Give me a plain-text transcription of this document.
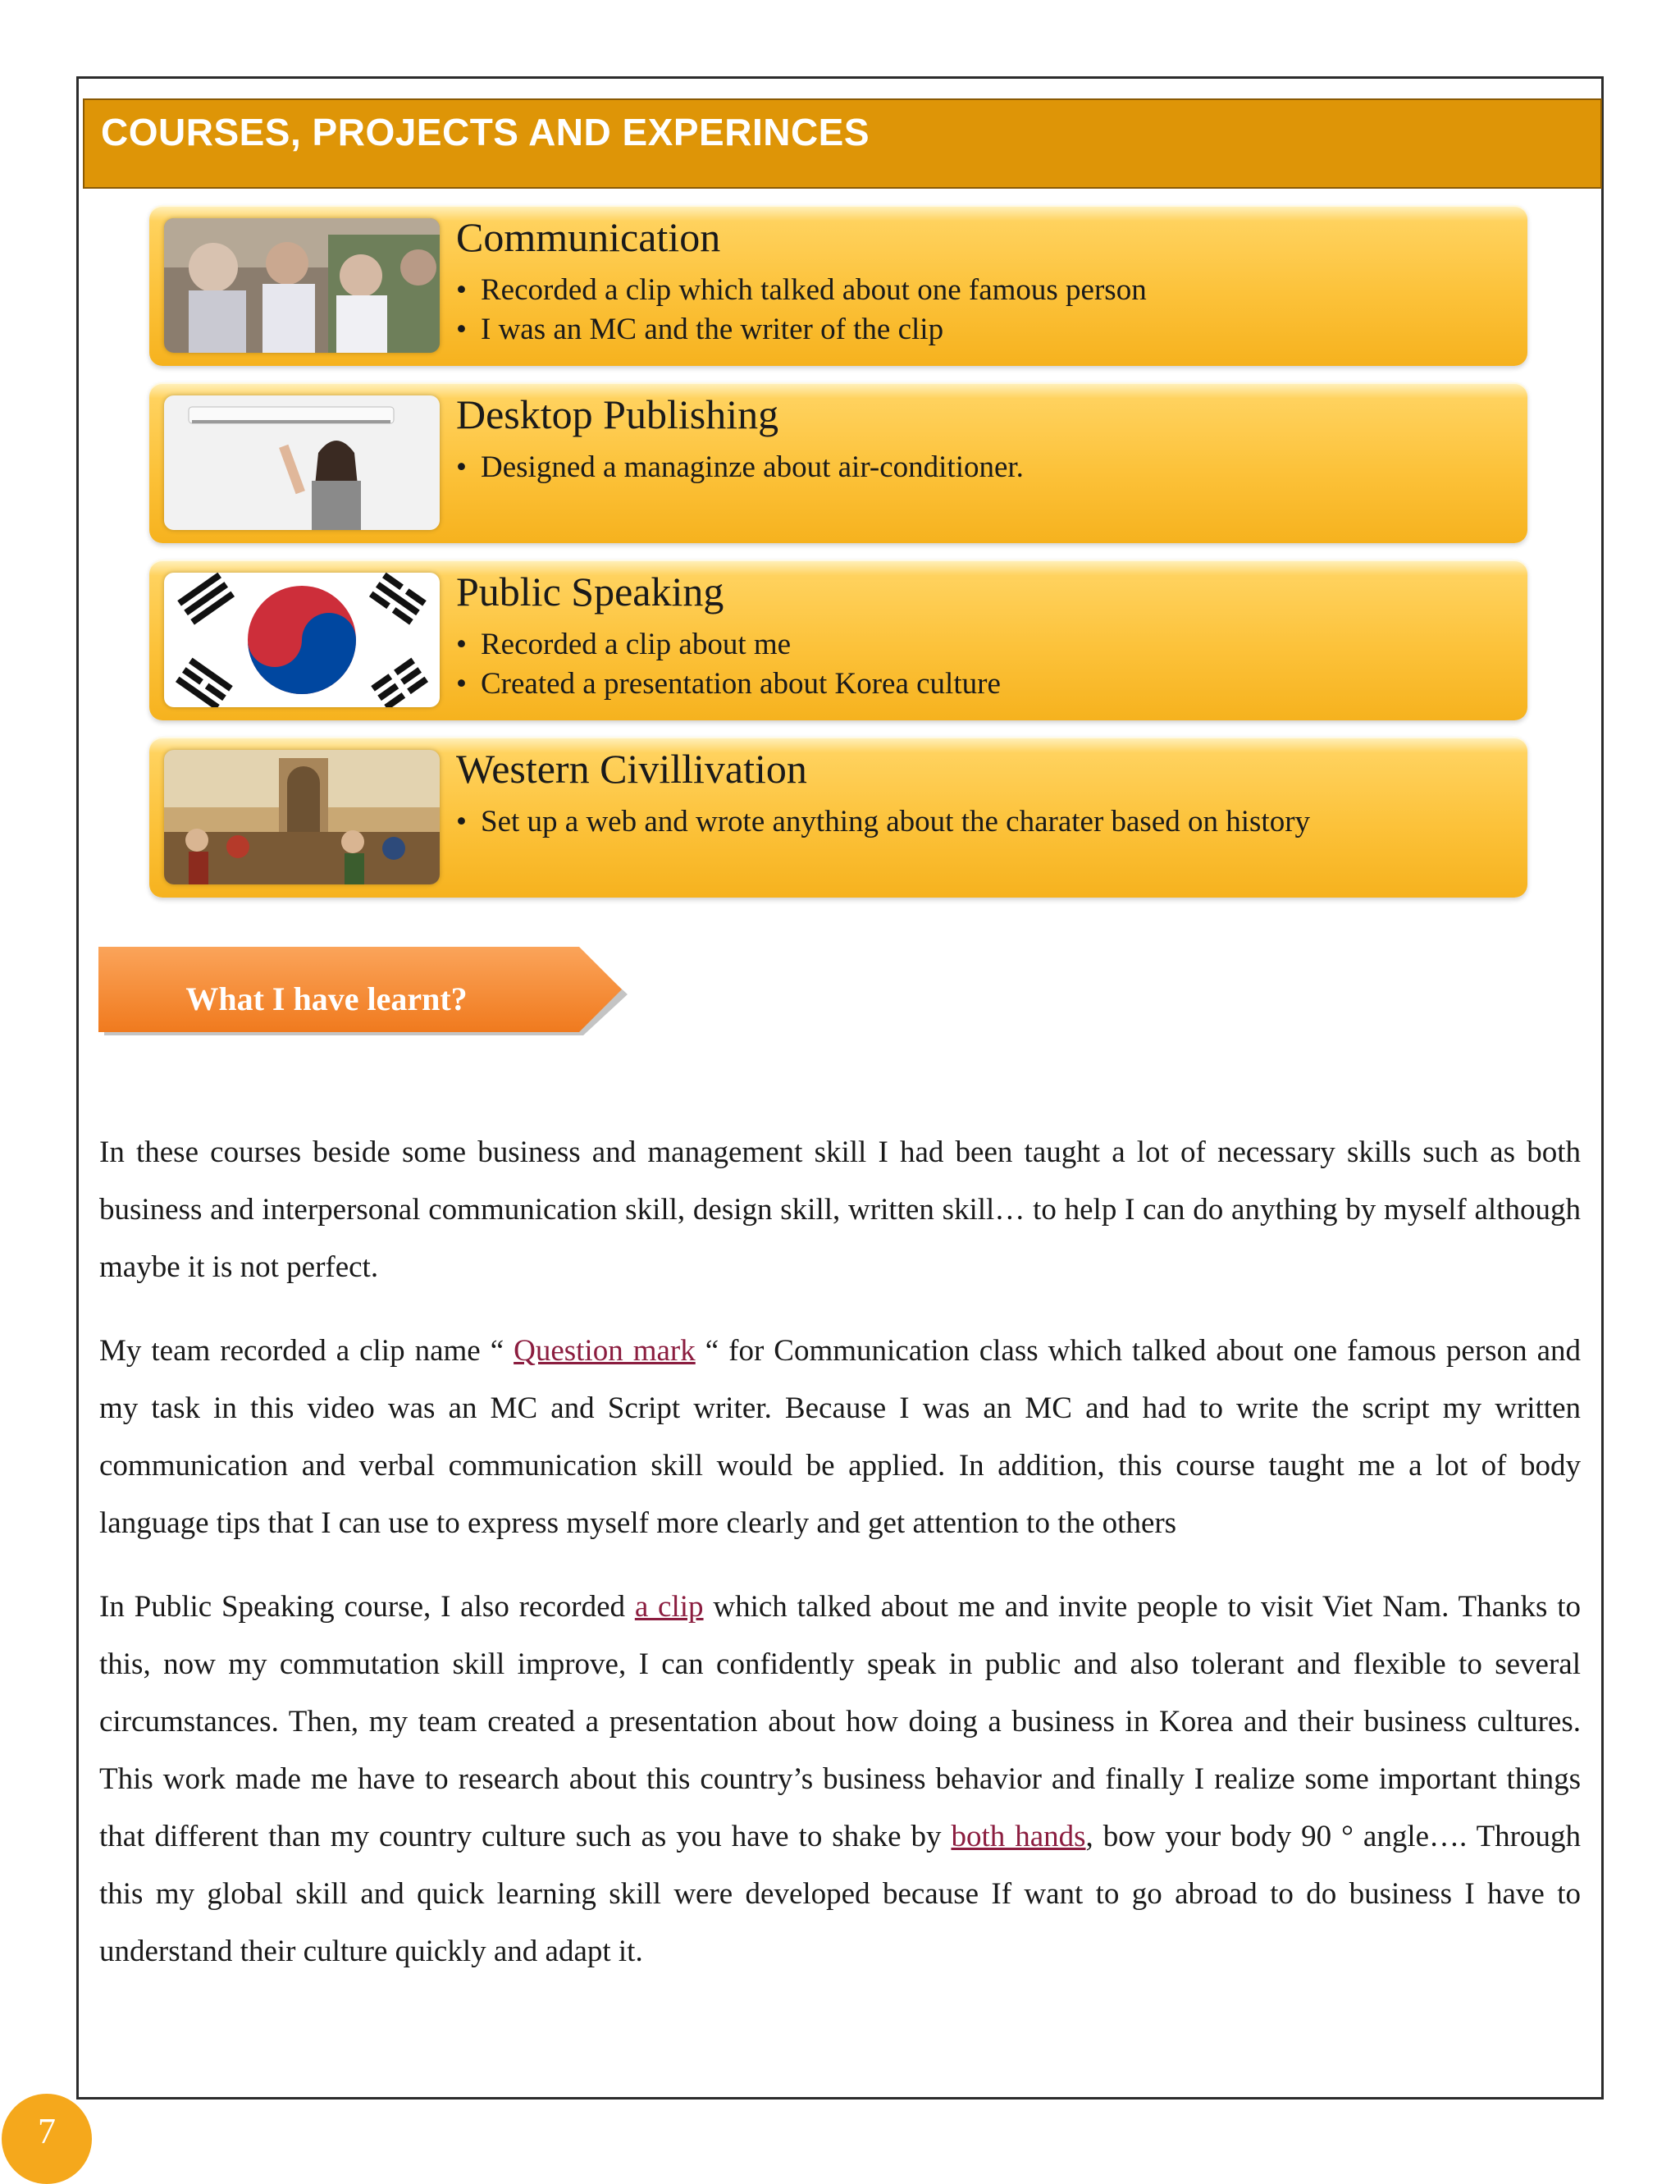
COURSES, PROJECTS AND EXPERINCES
Communication
• Recorded a clip which talked about one famous person
• I was an MC and the writer of the clip
Desktop Publishing
• Designed a managinze about air-conditioner.
Public Speaking
• Recorded a clip about me
• Created a presentation about Korea culture
Western Civillivation
• Set up a web and wrote anything about the charater based on history
What I have learnt?

In these courses beside some business and management skill I had been taught a lot of necessary skills such as both business and interpersonal communication skill, design skill, written skill… to help I can do anything by myself although maybe it is not perfect.

My team recorded a clip name “ Question mark “ for Communication class which talked about one famous person and my task in this video was an MC and Script writer. Because I was an MC and had to write the script my written communication and verbal communication skill would be applied. In addition, this course taught me a lot of body language tips that I can use to express myself more clearly and get attention to the others

In Public Speaking course, I also recorded a clip which talked about me and invite people to visit Viet Nam. Thanks to this, now my commutation skill improve, I can confidently speak in public and also tolerant and flexible to several circumstances. Then, my team created a presentation about how doing a business in Korea and their business cultures. This work made me have to research about this country’s business behavior and finally I realize some important things that different than my country culture such as you have to shake by both hands, bow your body 90 ° angle…. Through this my global skill and quick learning skill were developed because If want to go abroad to do business I have to understand their culture quickly and adapt it.

7
